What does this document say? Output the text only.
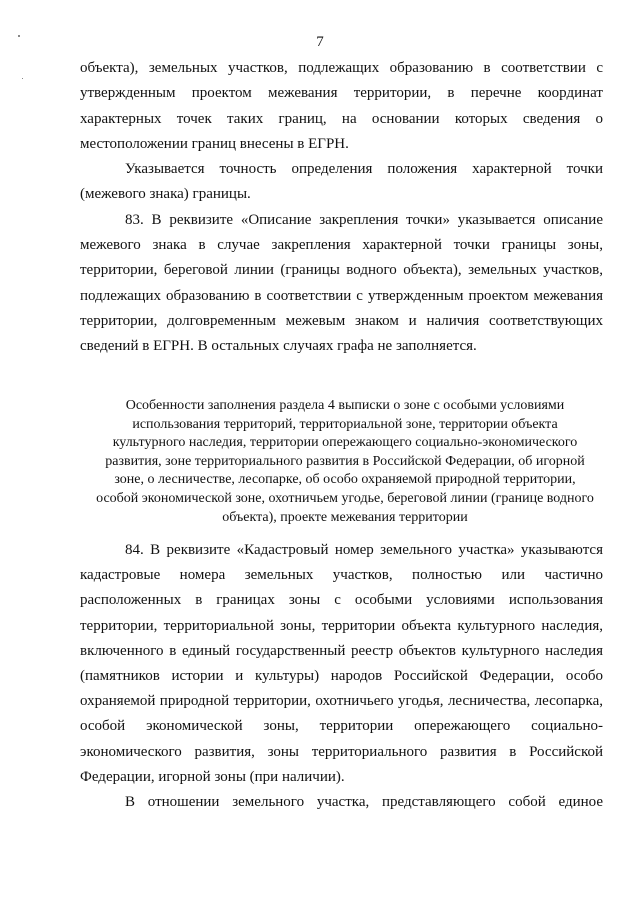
7

объекта), земельных участков, подлежащих образованию в соответствии с утвержденным проектом межевания территории, в перечне координат характерных точек таких границ, на основании которых сведения о местоположении границ внесены в ЕГРН.

Указывается точность определения положения характерной точки (межевого знака) границы.

83. В реквизите «Описание закрепления точки» указывается описание межевого знака в случае закрепления характерной точки границы зоны, территории, береговой линии (границы водного объекта), земельных участков, подлежащих образованию в соответствии с утвержденным проектом межевания территории, долговременным межевым знаком и наличия соответствующих сведений в ЕГРН. В остальных случаях графа не заполняется.

Особенности заполнения раздела 4 выписки о зоне с особыми условиями использования территорий, территориальной зоне, территории объекта культурного наследия, территории опережающего социально-экономического развития, зоне территориального развития в Российской Федерации, об игорной зоне, о лесничестве, лесопарке, об особо охраняемой природной территории, особой экономической зоне, охотничьем угодье, береговой линии (границе водного объекта), проекте межевания территории

84. В реквизите «Кадастровый номер земельного участка» указываются кадастровые номера земельных участков, полностью или частично расположенных в границах зоны с особыми условиями использования территории, территориальной зоны, территории объекта культурного наследия, включенного в единый государственный реестр объектов культурного наследия (памятников истории и культуры) народов Российской Федерации, особо охраняемой природной территории, охотничьего угодья, лесничества, лесопарка, особой экономической зоны, территории опережающего социально-экономического развития, зоны территориального развития в Российской Федерации, игорной зоны (при наличии).

В отношении земельного участка, представляющего собой единое
